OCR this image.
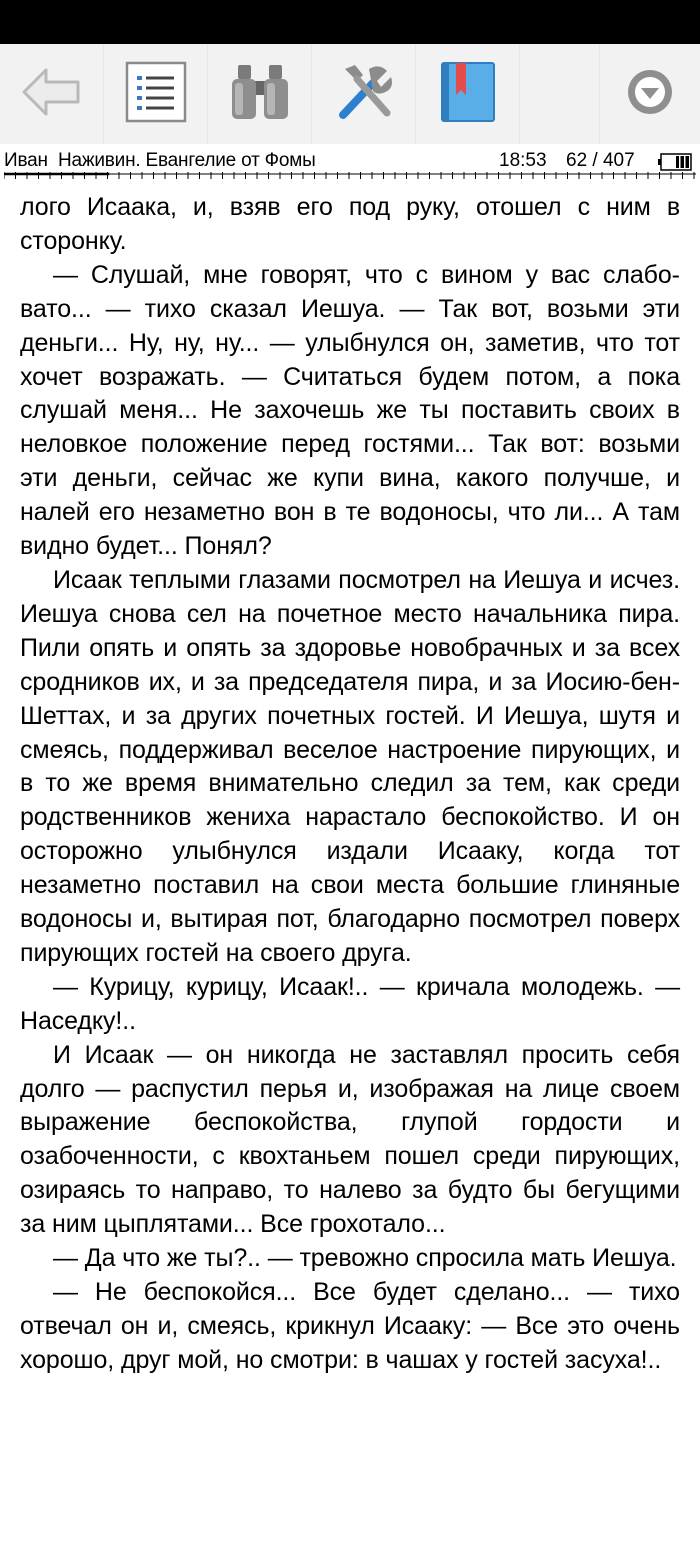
Иван  Наживин. Евангелие от Фомы	18:53 62 / 407

лого Исаака, и, взяв его под руку, отошел с ним в сторонку.

— Слушай, мне говорят, что с вином у вас слабовато... — тихо сказал Иешуа. — Так вот, возьми эти деньги... Ну, ну, ну... — улыбнулся он, заметив, что тот хочет возражать. — Считаться будем потом, а пока слушай меня... Не захочешь же ты поставить своих в неловкое положение перед гостями... Так вот: возьми эти деньги, сейчас же купи вина, какого получше, и налей его незаметно вон в те водоносы, что ли... А там видно будет... Понял?

Исаак теплыми глазами посмотрел на Иешуа и исчез. Иешуа снова сел на почетное место начальника пира. Пили опять и опять за здоровье новобрачных и за всех сродников их, и за председателя пира, и за Иосию-бен-Шеттах, и за других почетных гостей. И Иешуа, шутя и смеясь, поддерживал веселое настроение пирующих, и в то же время внимательно следил за тем, как среди родственников жениха нарастало беспокойство. И он осторожно улыбнулся издали Исааку, когда тот незаметно поставил на свои места большие глиняные водоносы и, вытирая пот, благодарно посмотрел поверх пирующих гостей на своего друга.

— Курицу, курицу, Исаак!.. — кричала молодежь. — Наседку!..

И Исаак — он никогда не заставлял просить себя долго — распустил перья и, изображая на лице своем выражение беспокойства, глупой гордости и озабоченности, с квохтаньем пошел среди пирующих, озираясь то направо, то налево за будто бы бегущими за ним цыплятами... Все грохотало...

— Да что же ты?.. — тревожно спросила мать Иешуа.

— Не беспокойся... Все будет сделано... — тихо отвечал он и, смеясь, крикнул Исааку: — Все это очень хорошо, друг мой, но смотри: в чашах у гостей засуха!..
